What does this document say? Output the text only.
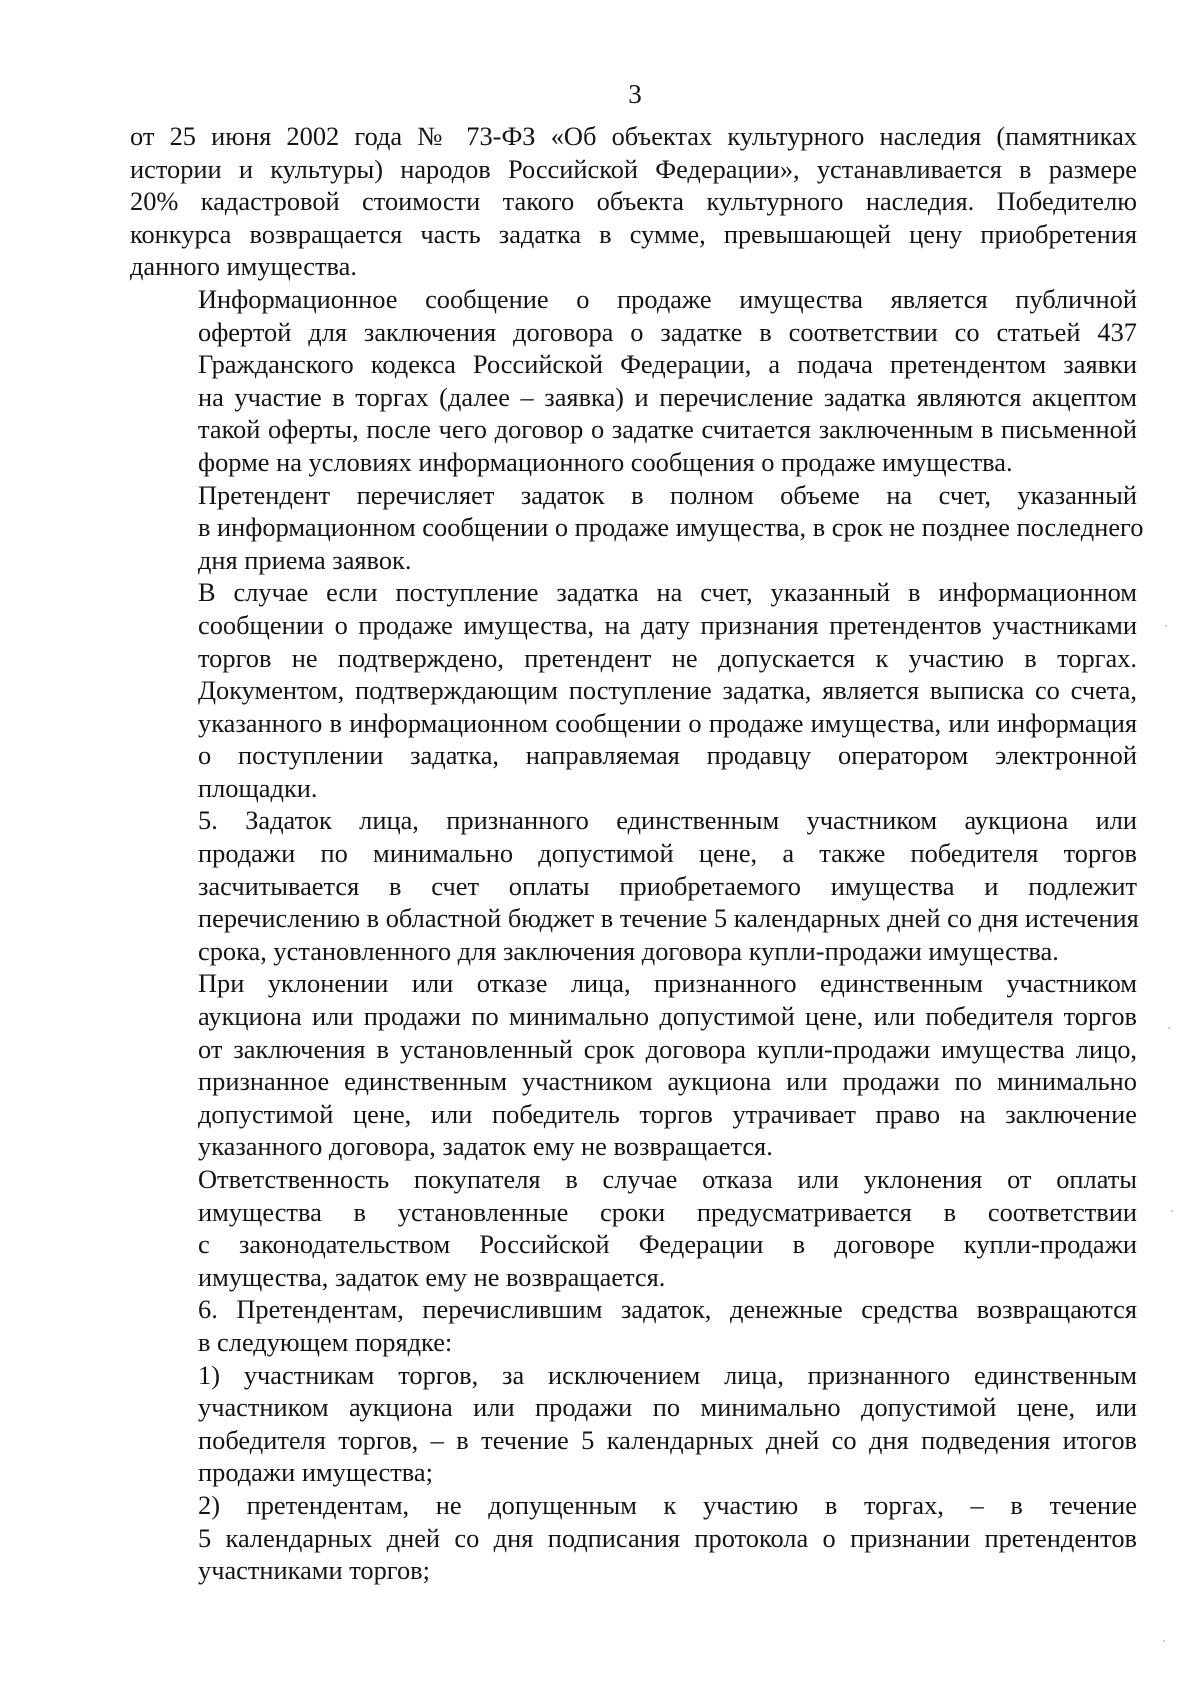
3

от 25 июня 2002 года № 73-ФЗ «Об объектах культурного наследия (памятниках
истории и культуры) народов Российской Федерации», устанавливается в размере
20% кадастровой стоимости такого объекта культурного наследия. Победителю
конкурса возвращается часть задатка в сумме, превышающей цену приобретения
данного имущества.

Информационное сообщение о продаже имущества является публичной
офертой для заключения договора о задатке в соответствии со статьей 437
Гражданского кодекса Российской Федерации, а подача претендентом заявки
на участие в торгах (далее – заявка) и перечисление задатка являются акцептом
такой оферты, после чего договор о задатке считается заключенным в письменной
форме на условиях информационного сообщения о продаже имущества.

Претендент перечисляет задаток в полном объеме на счет, указанный
в информационном сообщении о продаже имущества, в срок не позднее последнего
дня приема заявок.

В случае если поступление задатка на счет, указанный в информационном
сообщении о продаже имущества, на дату признания претендентов участниками
торгов не подтверждено, претендент не допускается к участию в торгах.
Документом, подтверждающим поступление задатка, является выписка со счета,
указанного в информационном сообщении о продаже имущества, или информация
о поступлении задатка, направляемая продавцу оператором электронной
площадки.

5. Задаток лица, признанного единственным участником аукциона или
продажи по минимально допустимой цене, а также победителя торгов
засчитывается в счет оплаты приобретаемого имущества и подлежит
перечислению в областной бюджет в течение 5 календарных дней со дня истечения
срока, установленного для заключения договора купли-продажи имущества.

При уклонении или отказе лица, признанного единственным участником
аукциона или продажи по минимально допустимой цене, или победителя торгов
от заключения в установленный срок договора купли-продажи имущества лицо,
признанное единственным участником аукциона или продажи по минимально
допустимой цене, или победитель торгов утрачивает право на заключение
указанного договора, задаток ему не возвращается.

Ответственность покупателя в случае отказа или уклонения от оплаты
имущества в установленные сроки предусматривается в соответствии
с законодательством Российской Федерации в договоре купли-продажи
имущества, задаток ему не возвращается.

6. Претендентам, перечислившим задаток, денежные средства возвращаются
в следующем порядке:

1) участникам торгов, за исключением лица, признанного единственным
участником аукциона или продажи по минимально допустимой цене, или
победителя торгов, – в течение 5 календарных дней со дня подведения итогов
продажи имущества;

2) претендентам, не допущенным к участию в торгах, – в течение
5 календарных дней со дня подписания протокола о признании претендентов
участниками торгов;
